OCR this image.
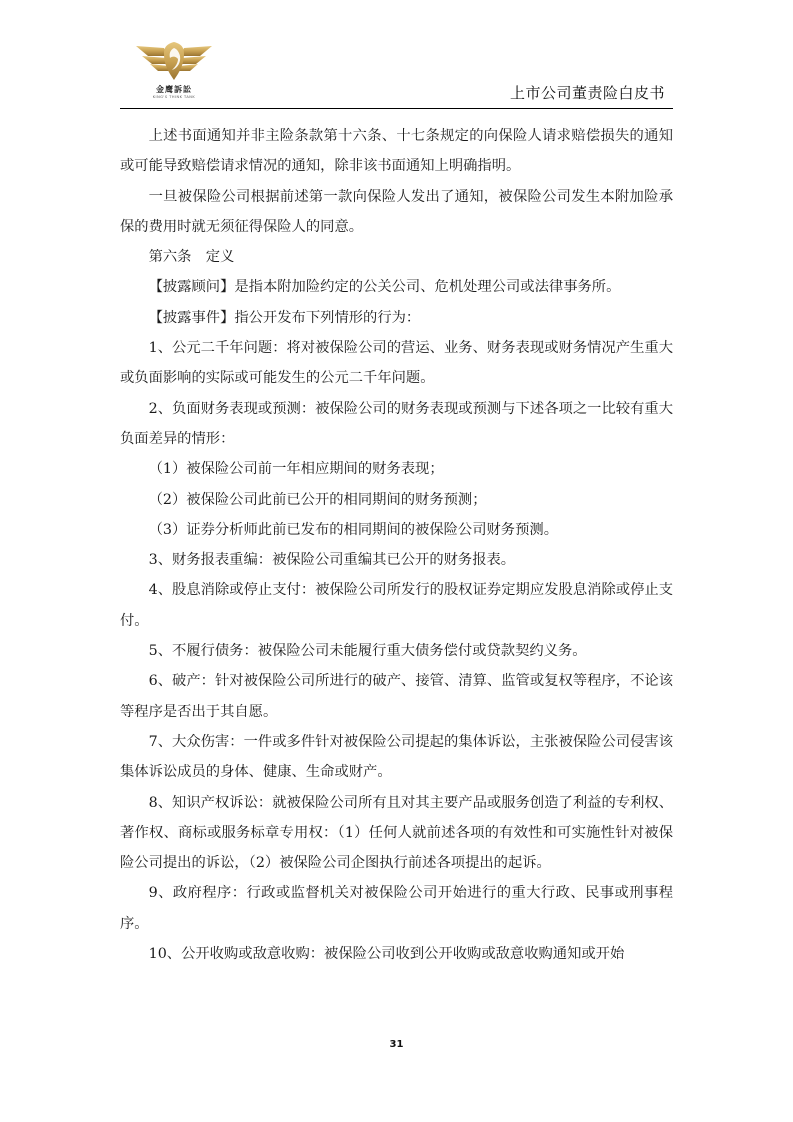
金鹰訴訟
KING'S THINK TANK	上市公司董责险白皮书

上述书面通知并非主险条款第十六条、十七条规定的向保险人请求赔偿损失的通知或可能导致赔偿请求情况的通知，除非该书面通知上明确指明。

一旦被保险公司根据前述第一款向保险人发出了通知，被保险公司发生本附加险承保的费用时就无须征得保险人的同意。

第六条　定义

【披露顾问】是指本附加险约定的公关公司、危机处理公司或法律事务所。

【披露事件】指公开发布下列情形的行为：

1、公元二千年问题：将对被保险公司的营运、业务、财务表现或财务情况产生重大或负面影响的实际或可能发生的公元二千年问题。

2、负面财务表现或预测：被保险公司的财务表现或预测与下述各项之一比较有重大负面差异的情形：

（1）被保险公司前一年相应期间的财务表现；

（2）被保险公司此前已公开的相同期间的财务预测；

（3）证券分析师此前已发布的相同期间的被保险公司财务预测。

3、财务报表重编：被保险公司重编其已公开的财务报表。

4、股息消除或停止支付：被保险公司所发行的股权证券定期应发股息消除或停止支付。

5、不履行债务：被保险公司未能履行重大债务偿付或贷款契约义务。

6、破产：针对被保险公司所进行的破产、接管、清算、监管或复权等程序，不论该等程序是否出于其自愿。

7、大众伤害：一件或多件针对被保险公司提起的集体诉讼，主张被保险公司侵害该集体诉讼成员的身体、健康、生命或财产。

8、知识产权诉讼：就被保险公司所有且对其主要产品或服务创造了利益的专利权、著作权、商标或服务标章专用权：（1）任何人就前述各项的有效性和可实施性针对被保险公司提出的诉讼，（2）被保险公司企图执行前述各项提出的起诉。

9、政府程序：行政或监督机关对被保险公司开始进行的重大行政、民事或刑事程序。

10、公开收购或敌意收购：被保险公司收到公开收购或敌意收购通知或开始

31
